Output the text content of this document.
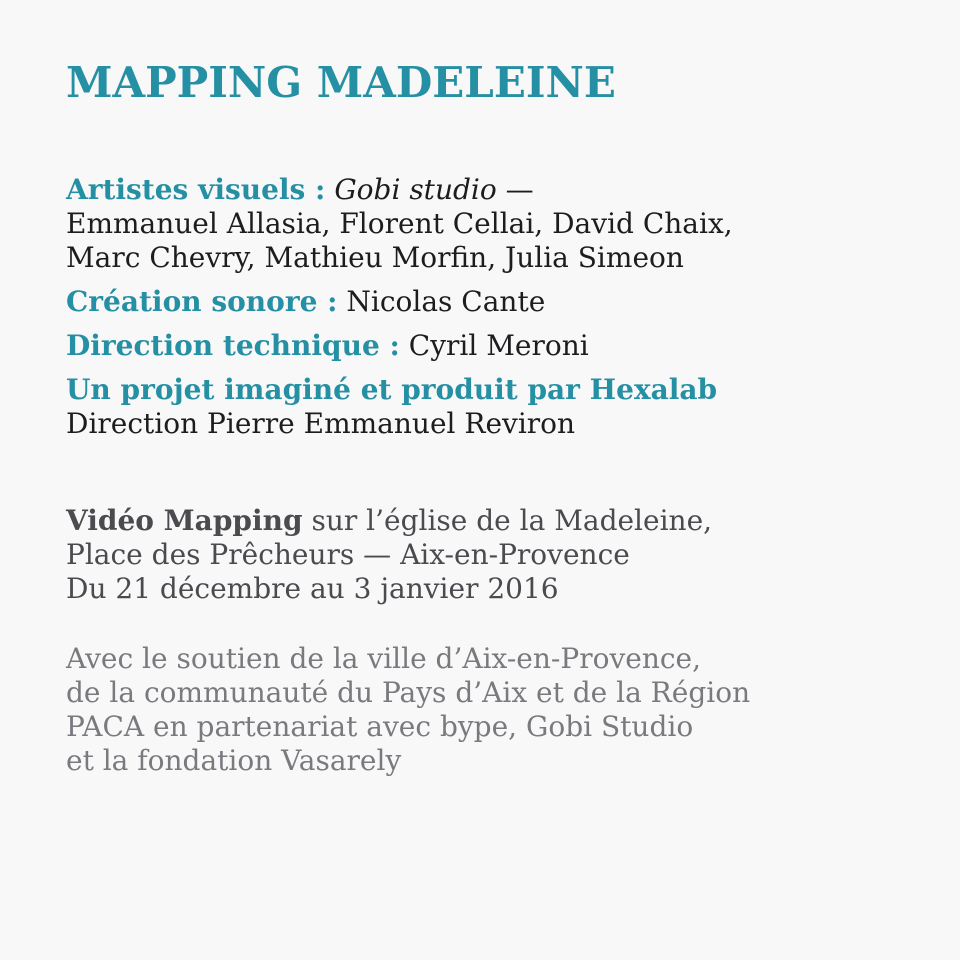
MAPPING MADELEINE

Artistes visuels : Gobi studio —
Emmanuel Allasia, Florent Cellai, David Chaix,
Marc Chevry, Mathieu Morfin, Julia Simeon

Création sonore : Nicolas Cante

Direction technique : Cyril Meroni

Un projet imaginé et produit par Hexalab
Direction Pierre Emmanuel Reviron

Vidéo Mapping sur l’église de la Madeleine,
Place des Prêcheurs — Aix-en-Provence
Du 21 décembre au 3 janvier 2016
Avec le soutien de la ville d’Aix-en-Provence,
de la communauté du Pays d’Aix et de la Région
PACA en partenariat avec bype, Gobi Studio
et la fondation Vasarely
